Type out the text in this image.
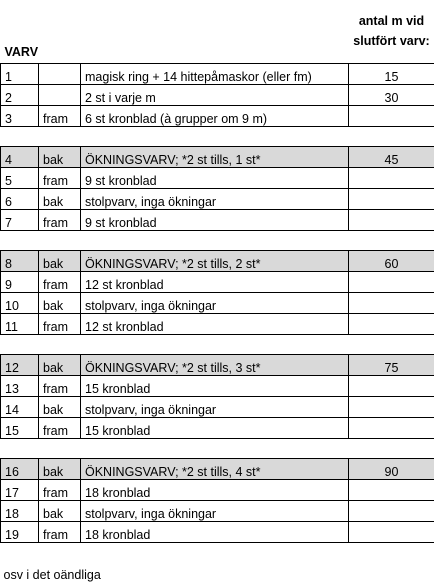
VARV			antal m vid slutfört varv:
1		magisk ring + 14 hittepåmaskor (eller fm)	15
2		2 st i varje m	30
3	fram	6 st kronblad (à grupper om 9 m)	

4	bak	ÖKNINGSVARV; *2 st tills, 1 st*	45
5	fram	9 st kronblad	
6	bak	stolpvarv, inga ökningar	
7	fram	9 st kronblad	

8	bak	ÖKNINGSVARV; *2 st tills, 2 st*	60
9	fram	12 st kronblad	
10	bak	stolpvarv, inga ökningar	
11	fram	12 st kronblad	

12	bak	ÖKNINGSVARV; *2 st tills, 3 st*	75
13	fram	15 kronblad	
14	bak	stolpvarv, inga ökningar	
15	fram	15 kronblad	

16	bak	ÖKNINGSVARV; *2 st tills, 4 st*	90
17	fram	18 kronblad	
18	bak	stolpvarv, inga ökningar	
19	fram	18 kronblad	

osv i det oändliga			
